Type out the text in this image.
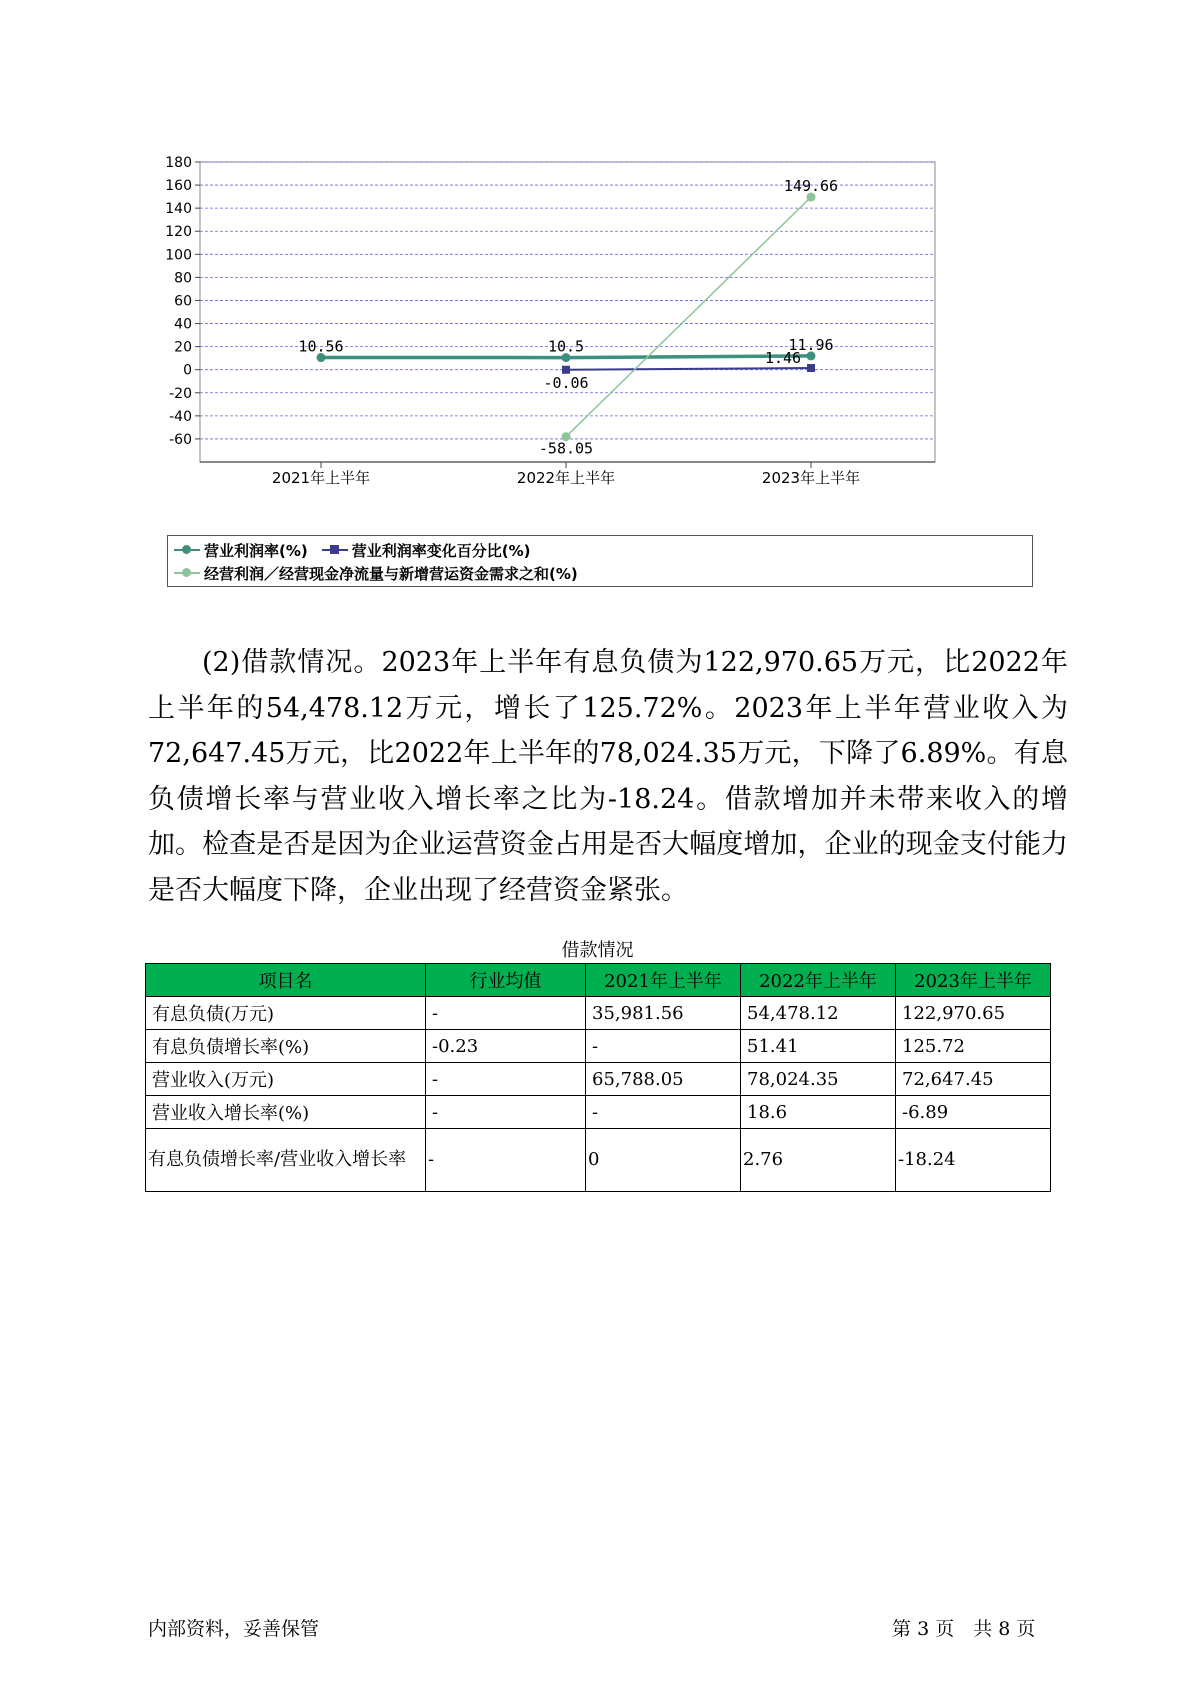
180
160
140
120
100
80
60
40
20
0
-20
-40
-60
2021年上半年	2022年上半年	2023年上半年
10.56	10.5	11.96
-0.06
1.46
-58.05
149.66
营业利润率(%)	营业利润率变化百分比(%)
经营利润／经营现金净流量与新增营运资金需求之和(%)
(2)借款情况。2023年上半年有息负债为122,970.65万元，比2022年上半年的54,478.12万元，增长了125.72%。2023年上半年营业收入为72,647.45万元，比2022年上半年的78,024.35万元，下降了6.89%。有息负债增长率与营业收入增长率之比为-18.24。借款增加并未带来收入的增加。检查是否是因为企业运营资金占用是否大幅度增加，企业的现金支付能力是否大幅度下降，企业出现了经营资金紧张。
借款情况
项目名	行业均值	2021年上半年	2022年上半年	2023年上半年
有息负债(万元)	-	35,981.56	54,478.12	122,970.65
有息负债增长率(%)	-0.23	-	51.41	125.72
营业收入(万元)	-	65,788.05	78,024.35	72,647.45
营业收入增长率(%)	-	-	18.6	-6.89
有息负债增长率/营业收入增长率	-	0	2.76	-18.24
内部资料，妥善保管	第 3 页　共 8 页
